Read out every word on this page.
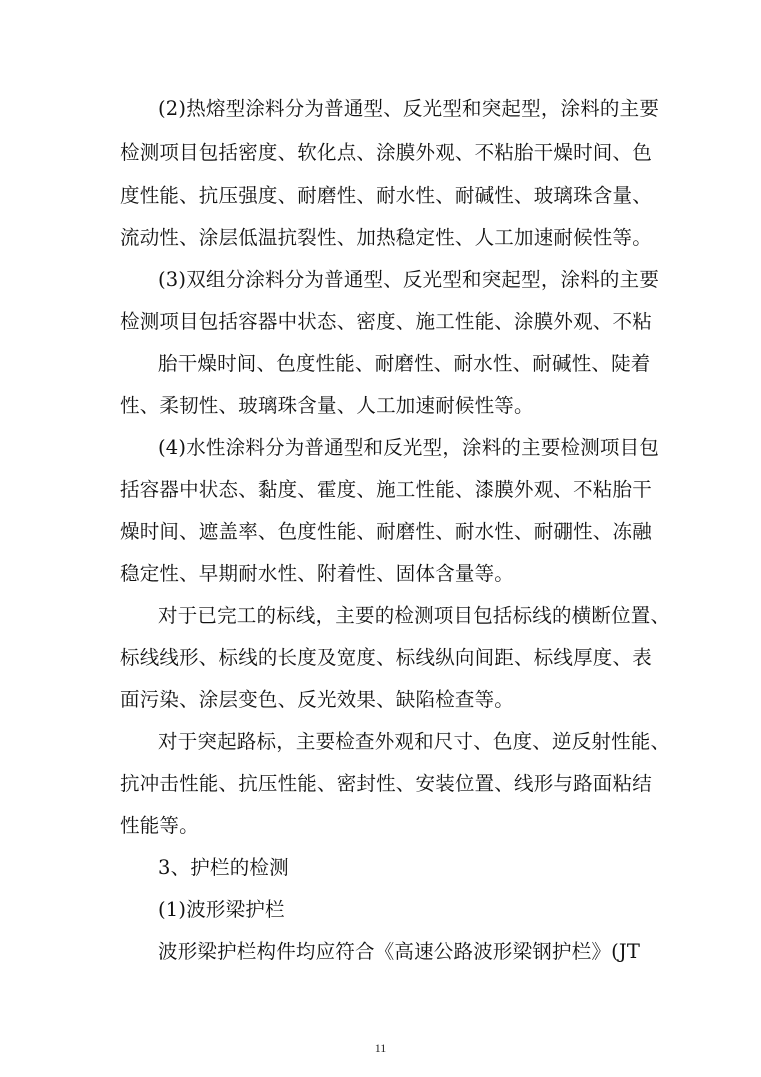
(2)热熔型涂料分为普通型、反光型和突起型，涂料的主要
检测项目包括密度、软化点、涂膜外观、不粘胎干燥时间、色
度性能、抗压强度、耐磨性、耐水性、耐碱性、玻璃珠含量、
流动性、涂层低温抗裂性、加热稳定性、人工加速耐候性等。
(3)双组分涂料分为普通型、反光型和突起型，涂料的主要
检测项目包括容器中状态、密度、施工性能、涂膜外观、不粘
胎干燥时间、色度性能、耐磨性、耐水性、耐碱性、陡着
性、柔韧性、玻璃珠含量、人工加速耐候性等。
(4)水性涂料分为普通型和反光型，涂料的主要检测项目包
括容器中状态、黏度、霍度、施工性能、漆膜外观、不粘胎干
燥时间、遮盖率、色度性能、耐磨性、耐水性、耐硼性、冻融
稳定性、早期耐水性、附着性、固体含量等。
对于已完工的标线，主要的检测项目包括标线的横断位置、
标线线形、标线的长度及宽度、标线纵向间距、标线厚度、表
面污染、涂层变色、反光效果、缺陷检查等。
对于突起路标，主要检查外观和尺寸、色度、逆反射性能、
抗冲击性能、抗压性能、密封性、安装位置、线形与路面粘结
性能等。
3、护栏的检测
(1)波形梁护栏
波形梁护栏构件均应符合《高速公路波形梁钢护栏》(JT
11
